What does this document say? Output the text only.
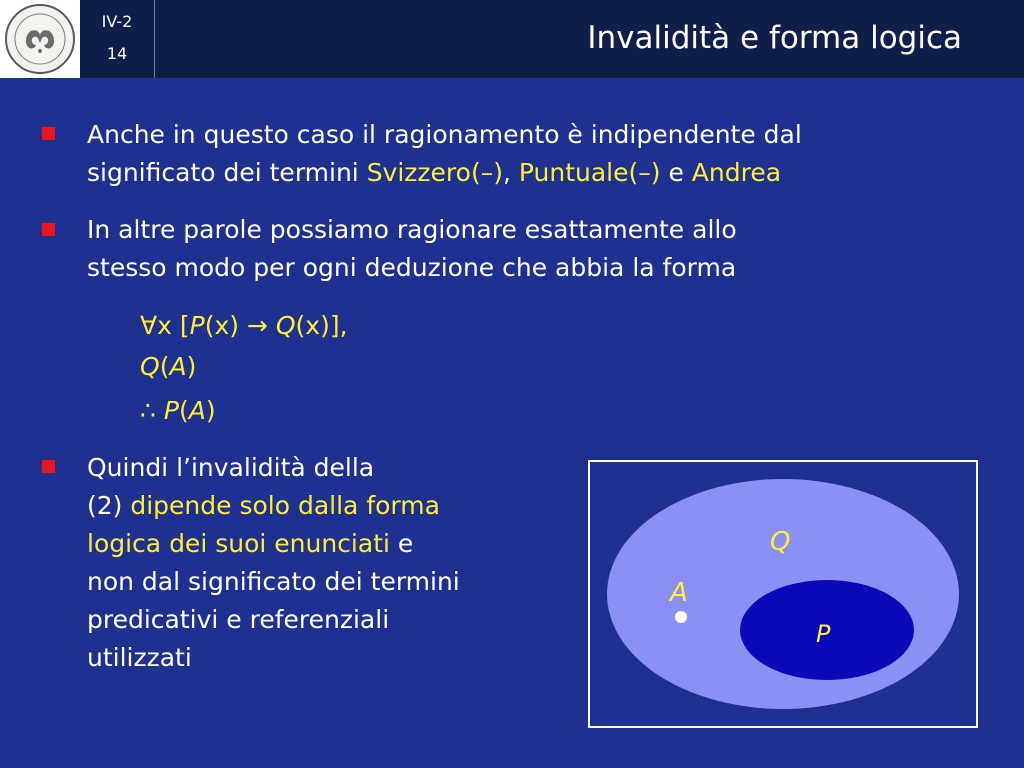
IV-2
14	Invalidità e forma logica
Anche in questo caso il ragionamento è indipendente dal
significato dei termini Svizzero(–), Puntuale(–) e Andrea
In altre parole possiamo ragionare esattamente allo
stesso modo per ogni deduzione che abbia la forma
∀x [P(x) → Q(x)],
Q(A)
∴ P(A)
Quindi l’invalidità della
(2) dipende solo dalla forma
logica dei suoi enunciati e
non dal significato dei termini
predicativi e referenziali
utilizzati
Q
A
P
